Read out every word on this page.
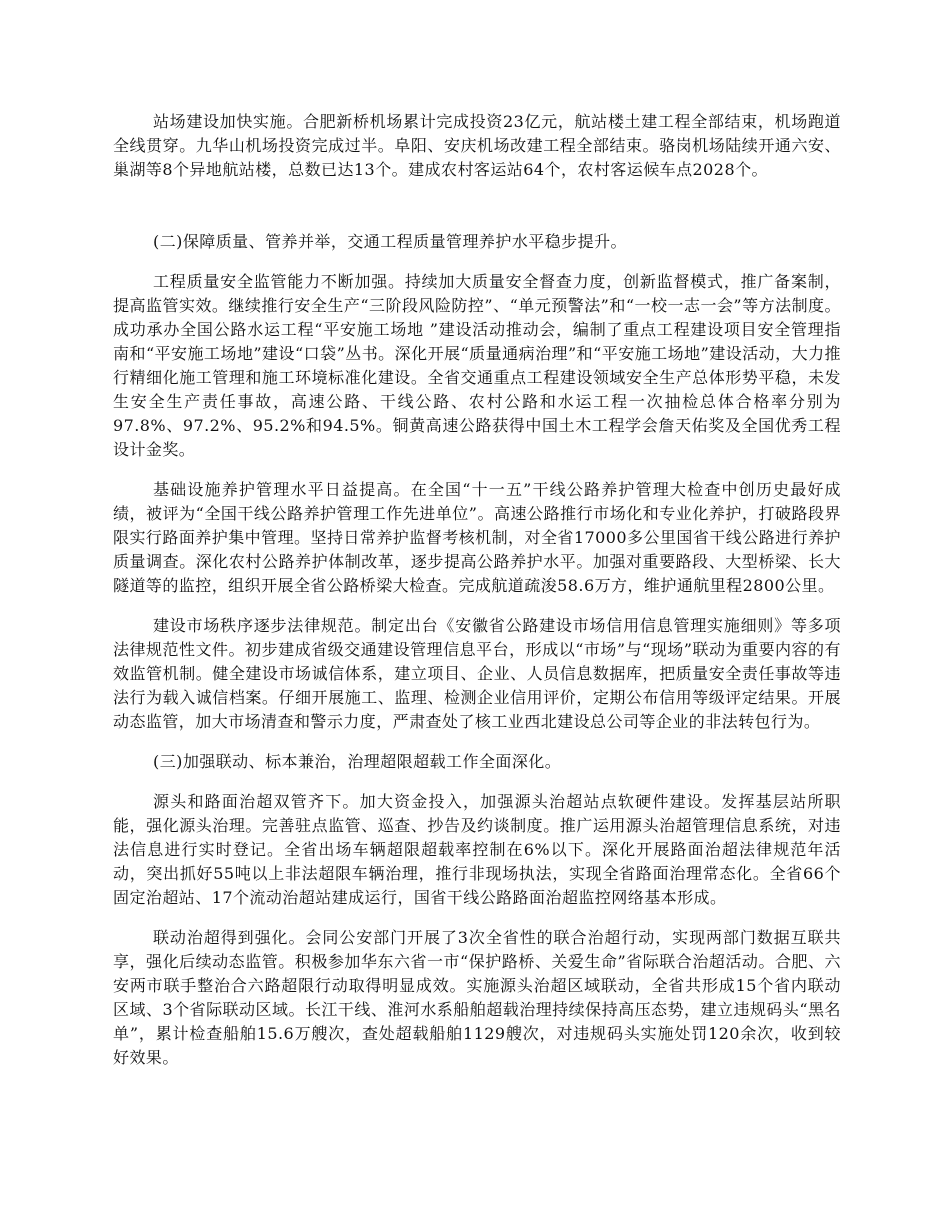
站场建设加快实施。合肥新桥机场累计完成投资23亿元，航站楼土建工程全部结束，机场跑道全线贯穿。九华山机场投资完成过半。阜阳、安庆机场改建工程全部结束。骆岗机场陆续开通六安、巢湖等8个异地航站楼，总数已达13个。建成农村客运站64个，农村客运候车点2028个。

(二)保障质量、管养并举，交通工程质量管理养护水平稳步提升。

工程质量安全监管能力不断加强。持续加大质量安全督查力度，创新监督模式，推广备案制，提高监管实效。继续推行安全生产“三阶段风险防控”、“单元预警法”和“一校一志一会”等方法制度。成功承办全国公路水运工程“平安施工场地 ”建设活动推动会，编制了重点工程建设项目安全管理指南和“平安施工场地”建设“口袋”丛书。深化开展“质量通病治理”和“平安施工场地”建设活动，大力推行精细化施工管理和施工环境标准化建设。全省交通重点工程建设领域安全生产总体形势平稳，未发生安全生产责任事故，高速公路、干线公路、农村公路和水运工程一次抽检总体合格率分别为97.8%、97.2%、95.2%和94.5%。铜黄高速公路获得中国土木工程学会詹天佑奖及全国优秀工程设计金奖。

基础设施养护管理水平日益提高。在全国“十一五”干线公路养护管理大检查中创历史最好成绩，被评为“全国干线公路养护管理工作先进单位”。高速公路推行市场化和专业化养护，打破路段界限实行路面养护集中管理。坚持日常养护监督考核机制，对全省17000多公里国省干线公路进行养护质量调查。深化农村公路养护体制改革，逐步提高公路养护水平。加强对重要路段、大型桥梁、长大隧道等的监控，组织开展全省公路桥梁大检查。完成航道疏浚58.6万方，维护通航里程2800公里。

建设市场秩序逐步法律规范。制定出台《安徽省公路建设市场信用信息管理实施细则》等多项法律规范性文件。初步建成省级交通建设管理信息平台，形成以“市场”与“现场”联动为重要内容的有效监管机制。健全建设市场诚信体系，建立项目、企业、人员信息数据库，把质量安全责任事故等违法行为载入诚信档案。仔细开展施工、监理、检测企业信用评价，定期公布信用等级评定结果。开展动态监管，加大市场清查和警示力度，严肃查处了核工业西北建设总公司等企业的非法转包行为。

(三)加强联动、标本兼治，治理超限超载工作全面深化。

源头和路面治超双管齐下。加大资金投入，加强源头治超站点软硬件建设。发挥基层站所职能，强化源头治理。完善驻点监管、巡查、抄告及约谈制度。推广运用源头治超管理信息系统，对违法信息进行实时登记。全省出场车辆超限超载率控制在6%以下。深化开展路面治超法律规范年活动，突出抓好55吨以上非法超限车辆治理，推行非现场执法，实现全省路面治理常态化。全省66个固定治超站、17个流动治超站建成运行，国省干线公路路面治超监控网络基本形成。

联动治超得到强化。会同公安部门开展了3次全省性的联合治超行动，实现两部门数据互联共享，强化后续动态监管。积极参加华东六省一市“保护路桥、关爱生命”省际联合治超活动。合肥、六安两市联手整治合六路超限行动取得明显成效。实施源头治超区域联动，全省共形成15个省内联动区域、3个省际联动区域。长江干线、淮河水系船舶超载治理持续保持高压态势，建立违规码头“黑名单”，累计检查船舶15.6万艘次，查处超载船舶1129艘次，对违规码头实施处罚120余次，收到较好效果。
